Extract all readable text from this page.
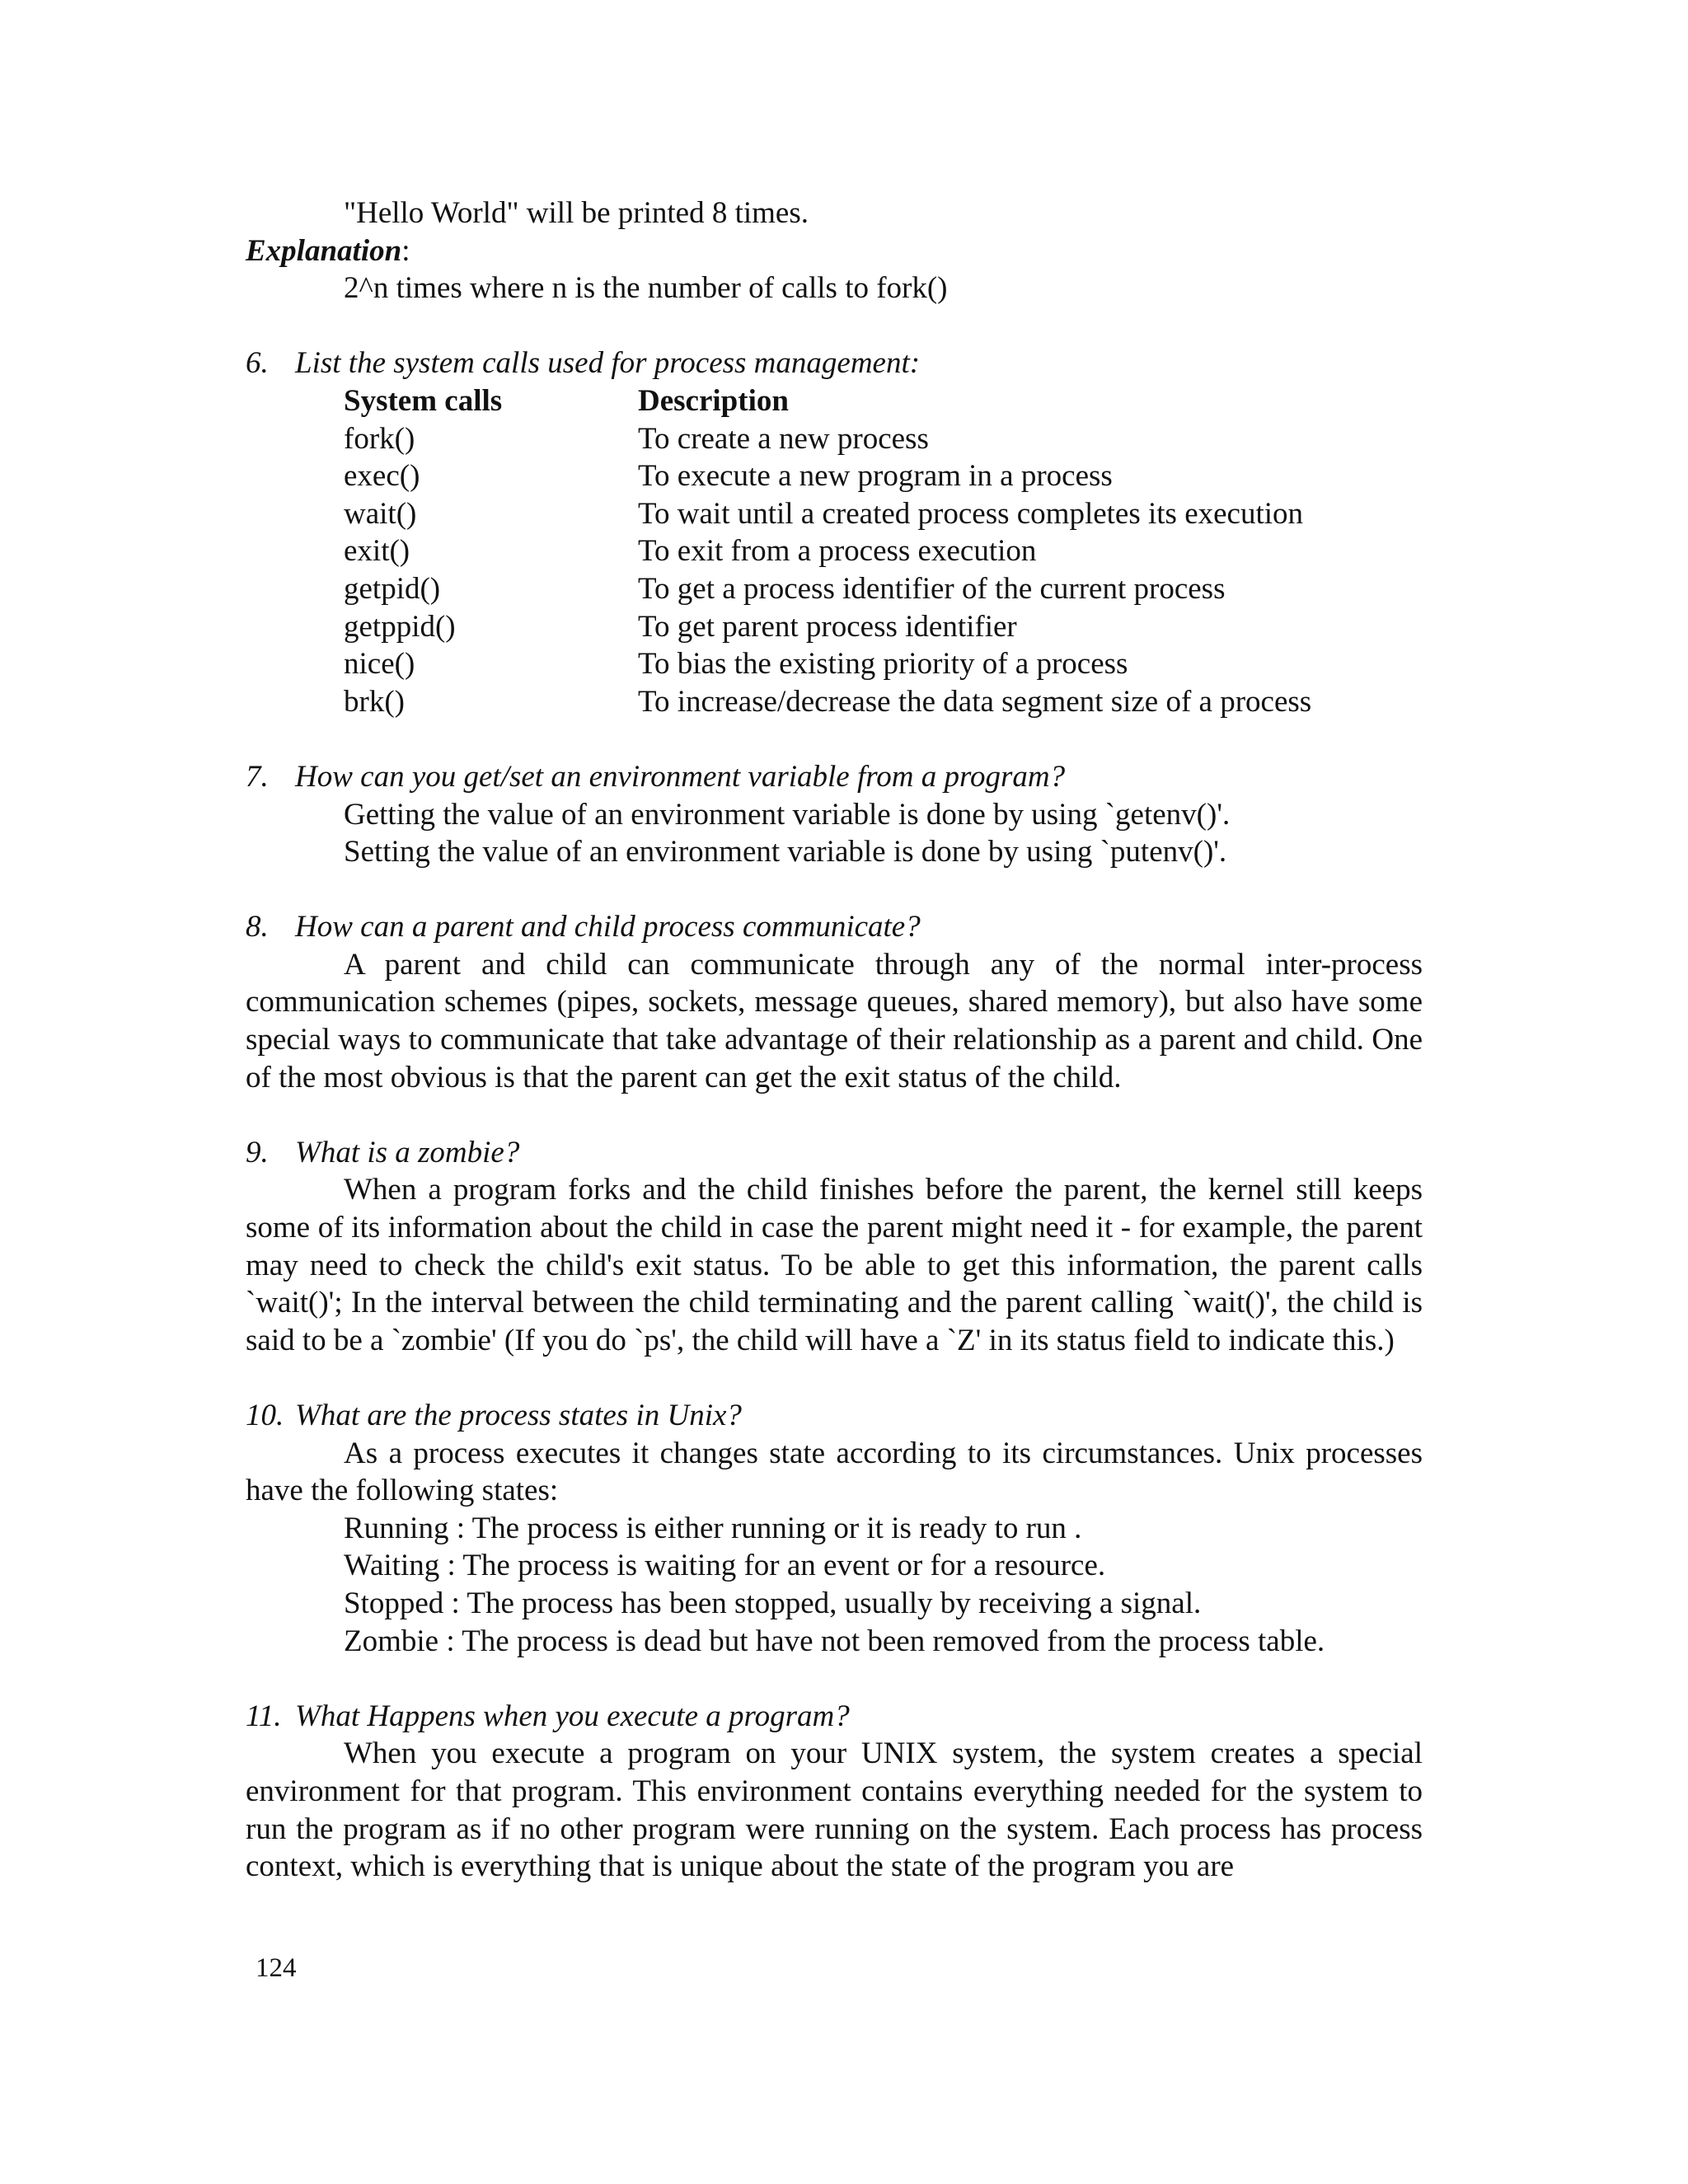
"Hello World" will be printed 8 times.
Explanation:
2^n times where n is the number of calls to fork()
6. List the system calls used for process management:
System calls	Description
fork()	To create a new process
exec()	To execute a new program in a process
wait()	To wait until a created process completes its execution
exit()	To exit from a process execution
getpid()	To get a process identifier of the current process
getppid()	To get parent process identifier
nice()	To bias the existing priority of a process
brk()	To increase/decrease the data segment size of a process
7. How can you get/set an environment variable from a program?
Getting the value of an environment variable is done by using `getenv()'.
Setting the value of an environment variable is done by using `putenv()'.
8. How can a parent and child process communicate?
A parent and child can communicate through any of the normal inter-process communication schemes (pipes, sockets, message queues, shared memory), but also have some special ways to communicate that take advantage of their relationship as a parent and child. One of the most obvious is that the parent can get the exit status of the child.
9. What is a zombie?
When a program forks and the child finishes before the parent, the kernel still keeps some of its information about the child in case the parent might need it - for example, the parent may need to check the child's exit status. To be able to get this information, the parent calls `wait()'; In the interval between the child terminating and the parent calling `wait()', the child is said to be a `zombie' (If you do `ps', the child will have a `Z' in its status field to indicate this.)
10. What are the process states in Unix?
As a process executes it changes state according to its circumstances. Unix processes have the following states:
Running : The process is either running or it is ready to run .
Waiting : The process is waiting for an event or for a resource.
Stopped : The process has been stopped, usually by receiving a signal.
Zombie : The process is dead but have not been removed from the process table.
11. What Happens when you execute a program?
When you execute a program on your UNIX system, the system creates a special environment for that program. This environment contains everything needed for the system to run the program as if no other program were running on the system. Each process has process context, which is everything that is unique about the state of the program you are
124
